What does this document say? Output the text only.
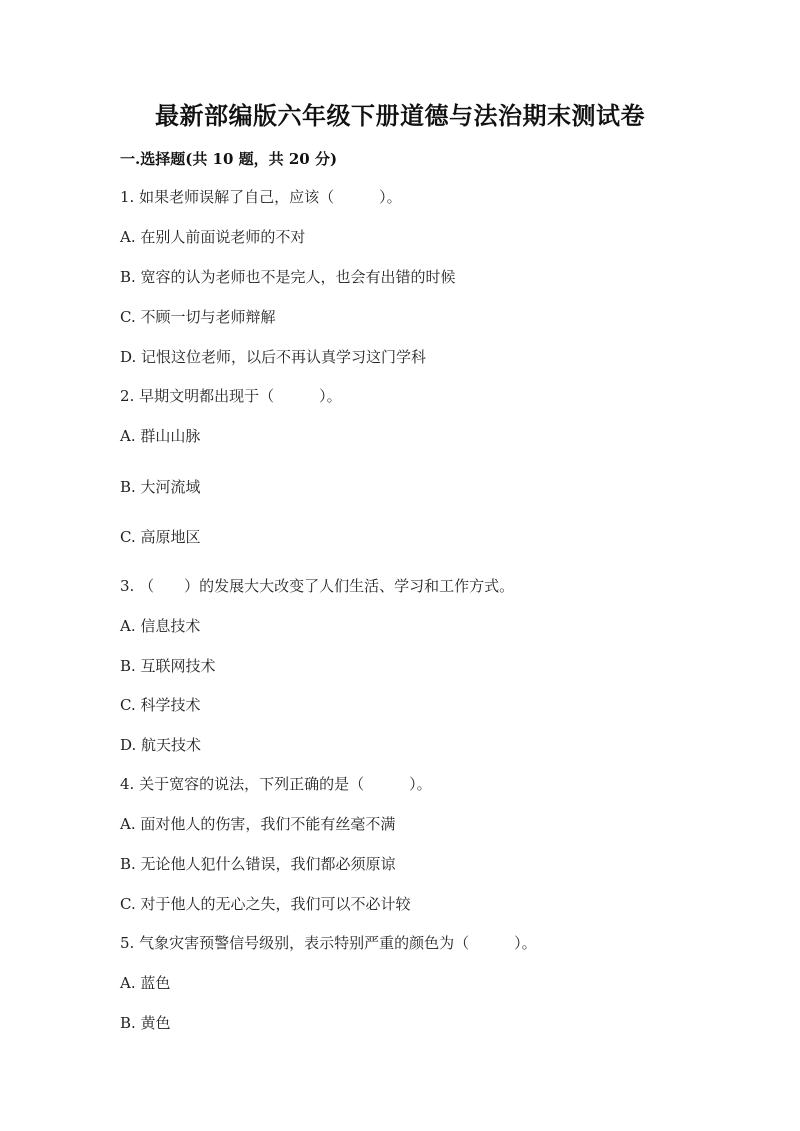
最新部编版六年级下册道德与法治期末测试卷
一.选择题(共 10 题，共 20 分)
1. 如果老师误解了自己，应该（　　　）。
A. 在别人前面说老师的不对
B. 宽容的认为老师也不是完人，也会有出错的时候
C. 不顾一切与老师辩解
D. 记恨这位老师，以后不再认真学习这门学科
2. 早期文明都出现于（　　　）。
A. 群山山脉
B. 大河流域
C. 高原地区
3. （　　）的发展大大改变了人们生活、学习和工作方式。
A. 信息技术
B. 互联网技术
C. 科学技术
D. 航天技术
4. 关于宽容的说法，下列正确的是（　　　）。
A. 面对他人的伤害，我们不能有丝毫不满
B. 无论他人犯什么错误，我们都必须原谅
C. 对于他人的无心之失，我们可以不必计较
5. 气象灾害预警信号级别，表示特别严重的颜色为（　　　）。
A. 蓝色
B. 黄色
